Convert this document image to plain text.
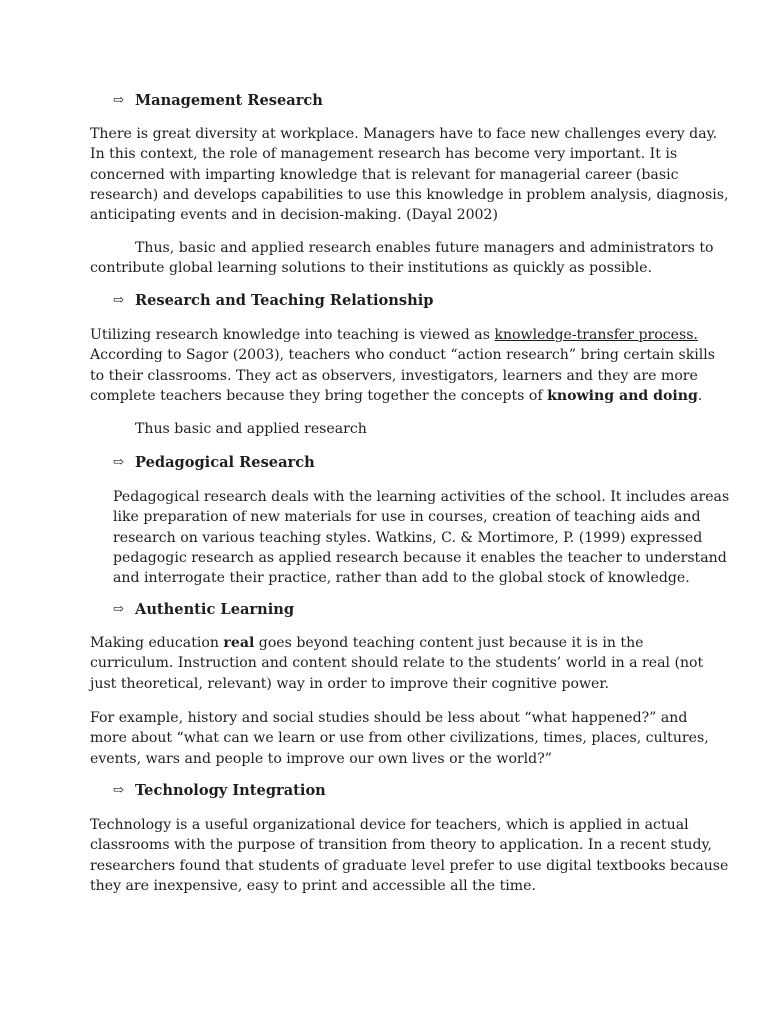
⇨ Management Research

There is great diversity at workplace. Managers have to face new challenges every day.
In this context, the role of management research has become very important. It is
concerned with imparting knowledge that is relevant for managerial career (basic
research) and develops capabilities to use this knowledge in problem analysis, diagnosis,
anticipating events and in decision-making. (Dayal 2002)

Thus, basic and applied research enables future managers and administrators to
contribute global learning solutions to their institutions as quickly as possible.

⇨ Research and Teaching Relationship

Utilizing research knowledge into teaching is viewed as knowledge-transfer process.
According to Sagor (2003), teachers who conduct “action research” bring certain skills
to their classrooms. They act as observers, investigators, learners and they are more
complete teachers because they bring together the concepts of knowing and doing.

Thus basic and applied research

⇨ Pedagogical Research

Pedagogical research deals with the learning activities of the school. It includes areas
like preparation of new materials for use in courses, creation of teaching aids and
research on various teaching styles. Watkins, C. & Mortimore, P. (1999) expressed
pedagogic research as applied research because it enables the teacher to understand
and interrogate their practice, rather than add to the global stock of knowledge.

⇨ Authentic Learning

Making education real goes beyond teaching content just because it is in the
curriculum. Instruction and content should relate to the students’ world in a real (not
just theoretical, relevant) way in order to improve their cognitive power.

For example, history and social studies should be less about “what happened?” and
more about “what can we learn or use from other civilizations, times, places, cultures,
events, wars and people to improve our own lives or the world?”

⇨ Technology Integration

Technology is a useful organizational device for teachers, which is applied in actual
classrooms with the purpose of transition from theory to application. In a recent study,
researchers found that students of graduate level prefer to use digital textbooks because
they are inexpensive, easy to print and accessible all the time.
